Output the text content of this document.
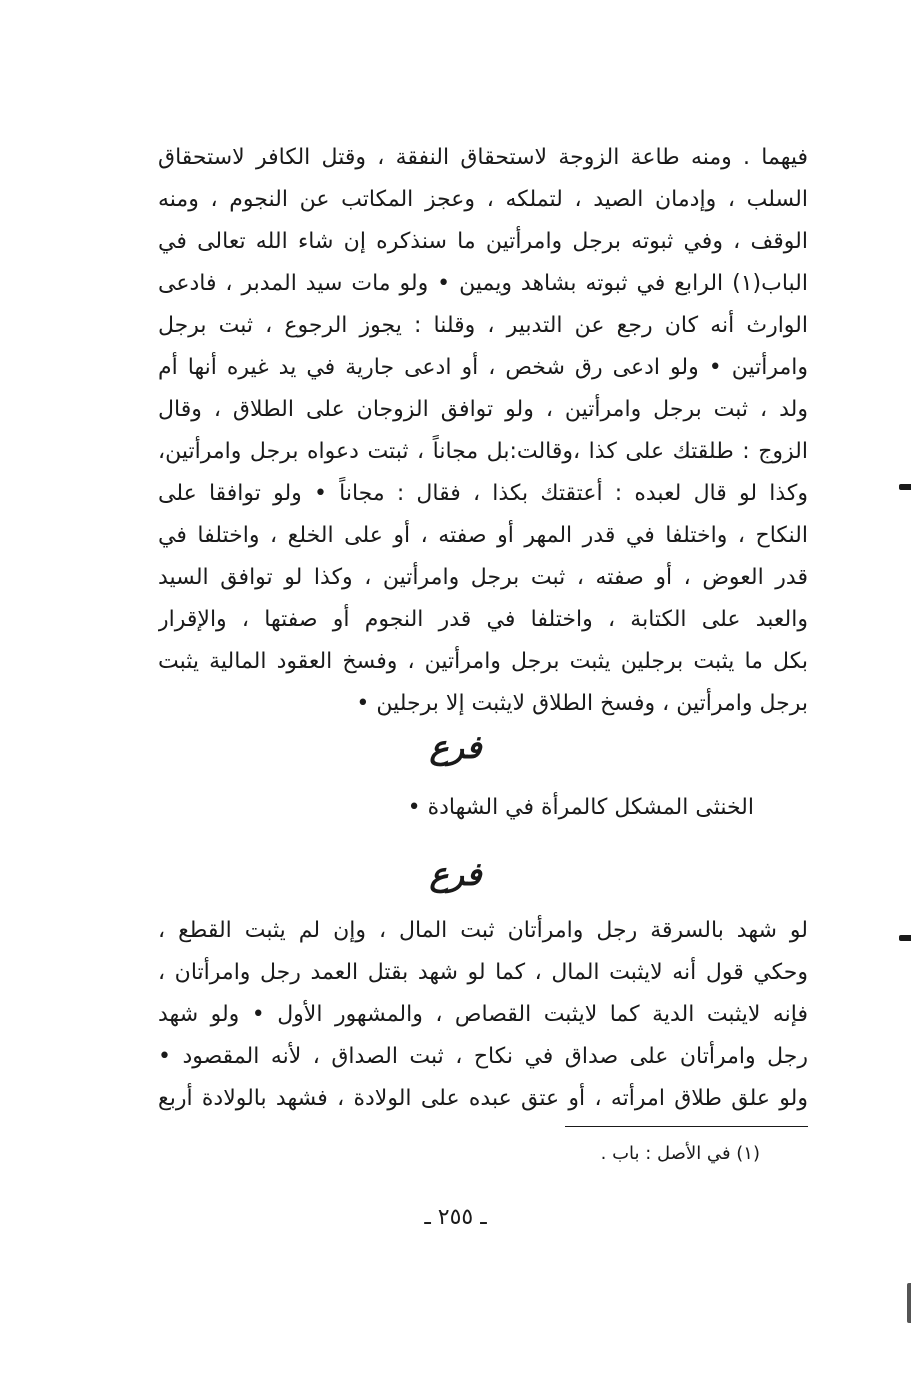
فيهما . ومنه طاعة الزوجة لاستحقاق النفقة ، وقتل الكافر لاستحقاق
السلب ، وإدمان الصيد ، لتملكه ، وعجز المكاتب عن النجوم ، ومنه
الوقف ، وفي ثبوته برجل وامرأتين ما سنذكره إن شاء الله تعالى في
الباب(١) الرابع في ثبوته بشاهد ويمين • ولو مات سيد المدبر ، فادعى
الوارث أنه كان رجع عن التدبير ، وقلنا : يجوز الرجوع ، ثبت برجل
وامرأتين • ولو ادعى رق شخص ، أو ادعى جارية في يد غيره أنها أم
ولد ، ثبت برجل وامرأتين ، ولو توافق الزوجان على الطلاق ، وقال
الزوج : طلقتك على كذا ،وقالت:بل مجاناً ، ثبتت دعواه برجل وامرأتين،
وكذا لو قال لعبده : أعتقتك بكذا ، فقال : مجاناً • ولو توافقا على
النكاح ، واختلفا في قدر المهر أو صفته ، أو على الخلع ، واختلفا في
قدر العوض ، أو صفته ، ثبت برجل وامرأتين ، وكذا لو توافق السيد
والعبد على الكتابة ، واختلفا في قدر النجوم أو صفتها ، والإقرار
بكل ما يثبت برجلين يثبت برجل وامرأتين ، وفسخ العقود المالية يثبت
برجل وامرأتين ، وفسخ الطلاق لايثبت إلا برجلين •
فرع
الخنثى المشكل كالمرأة في الشهادة •
فرع
لو شهد بالسرقة رجل وامرأتان ثبت المال ، وإن لم يثبت القطع ،
وحكي قول أنه لايثبت المال ، كما لو شهد بقتل العمد رجل وامرأتان ،
فإنه لايثبت الدية كما لايثبت القصاص ، والمشهور الأول • ولو شهد
رجل وامرأتان على صداق في نكاح ، ثبت الصداق ، لأنه المقصود •
ولو علق طلاق امرأته ، أو عتق عبده على الولادة ، فشهد بالولادة أربع
(١) في الأصل : باب .
ـ ٢٥٥ ـ
